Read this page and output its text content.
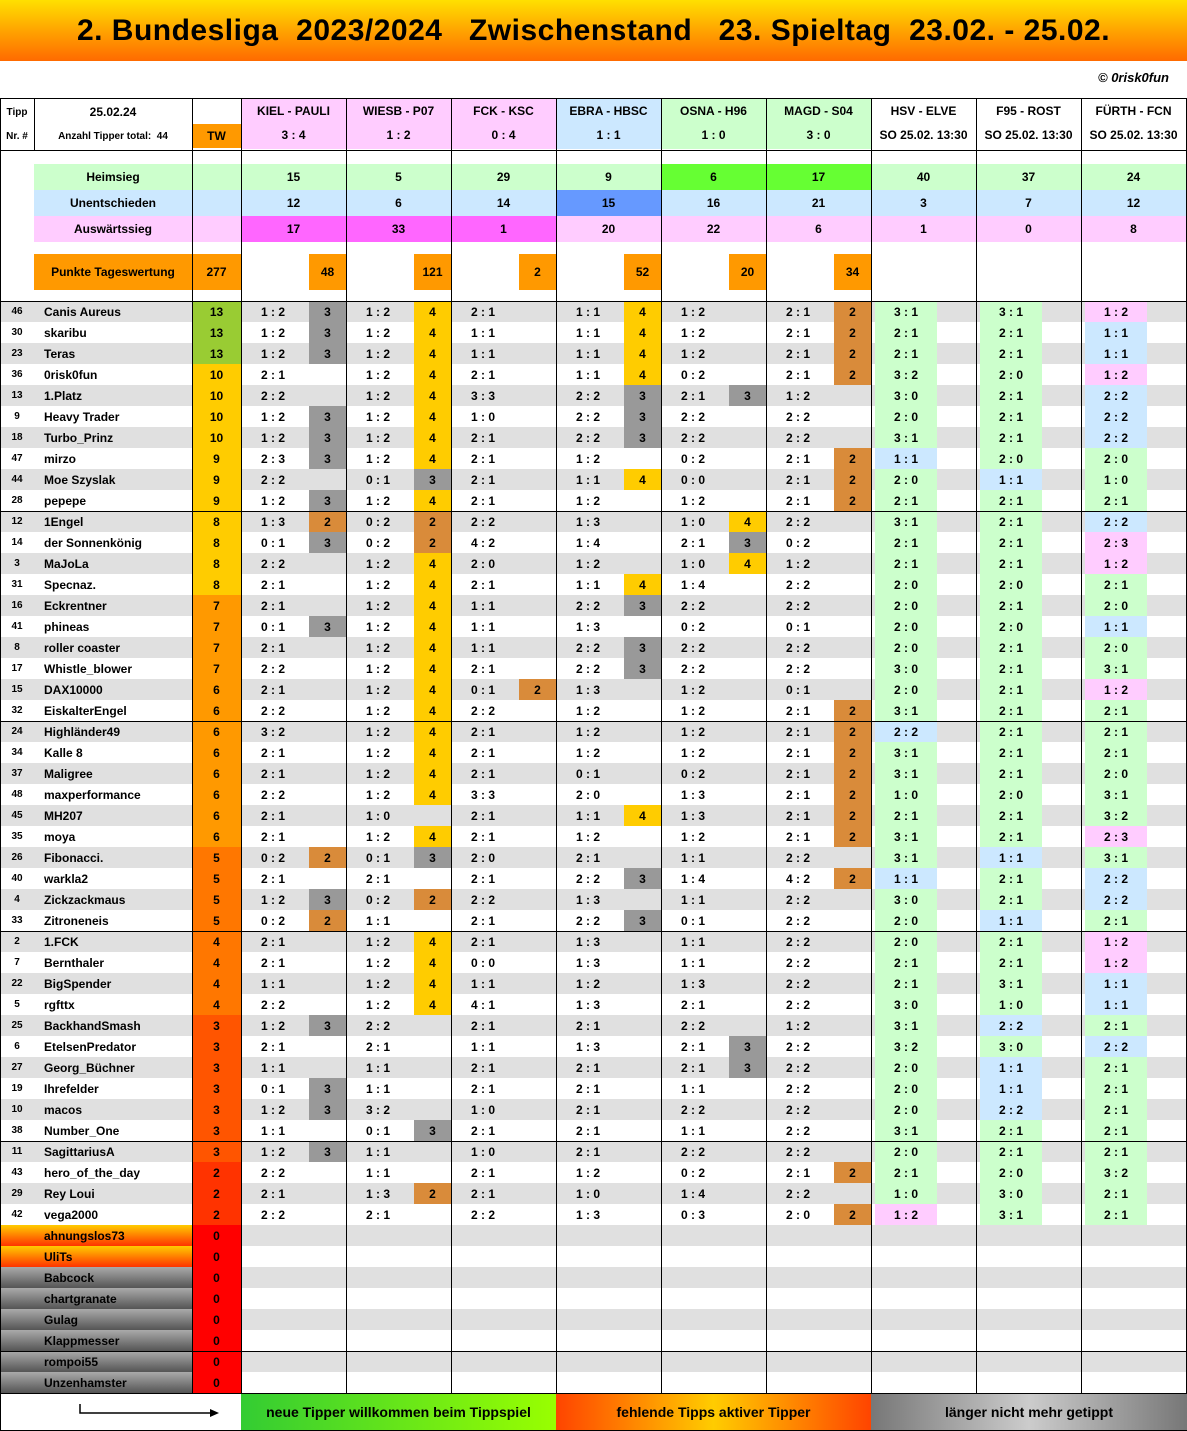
2. Bundesliga  2023/2024   Zwischenstand   23. Spieltag  23.02. - 25.02.
© 0risk0fun
Tipp
Nr. #
25.02.24
Anzahl Tipper total:  44	TW
KIEL - PAULI
3 : 4
WIESB - P07
1 : 2
FCK - KSC
0 : 4
EBRA - HBSC
1 : 1
OSNA - H96
1 : 0
MAGD - S04
3 : 0
HSV - ELVE
SO 25.02. 13:30
F95 - ROST
SO 25.02. 13:30
FÜRTH - FCN
SO 25.02. 13:30
Heimsieg	15	5	29	9	6	17	40	37	24
Unentschieden	12	6	14	15	16	21	3	7	12
Auswärtssieg	17	33	1	20	22	6	1	0	8
Punkte Tageswertung	277	48	121	2	52	20	34
46	Canis Aureus	13	1 : 2	3	1 : 2	4	2 : 1	1 : 1	4	1 : 2	2 : 1	2	3 : 1	3 : 1	1 : 2
30	skaribu	13	1 : 2	3	1 : 2	4	1 : 1	1 : 1	4	1 : 2	2 : 1	2	2 : 1	2 : 1	1 : 1
23	Teras	13	1 : 2	3	1 : 2	4	1 : 1	1 : 1	4	1 : 2	2 : 1	2	2 : 1	2 : 1	1 : 1
36	0risk0fun	10	2 : 1	1 : 2	4	2 : 1	1 : 1	4	0 : 2	2 : 1	2	3 : 2	2 : 0	1 : 2
13	1.Platz	10	2 : 2	1 : 2	4	3 : 3	2 : 2	3	2 : 1	3	1 : 2	3 : 0	2 : 1	2 : 2
9	Heavy Trader	10	1 : 2	3	1 : 2	4	1 : 0	2 : 2	3	2 : 2	2 : 2	2 : 0	2 : 1	2 : 2
18	Turbo_Prinz	10	1 : 2	3	1 : 2	4	2 : 1	2 : 2	3	2 : 2	2 : 2	3 : 1	2 : 1	2 : 2
47	mirzo	9	2 : 3	3	1 : 2	4	2 : 1	1 : 2	0 : 2	2 : 1	2	1 : 1	2 : 0	2 : 0
44	Moe Szyslak	9	2 : 2	0 : 1	3	2 : 1	1 : 1	4	0 : 0	2 : 1	2	2 : 0	1 : 1	1 : 0
28	pepepe	9	1 : 2	3	1 : 2	4	2 : 1	1 : 2	1 : 2	2 : 1	2	2 : 1	2 : 1	2 : 1
12	1Engel	8	1 : 3	2	0 : 2	2	2 : 2	1 : 3	1 : 0	4	2 : 2	3 : 1	2 : 1	2 : 2
14	der Sonnenkönig	8	0 : 1	3	0 : 2	2	4 : 2	1 : 4	2 : 1	3	0 : 2	2 : 1	2 : 1	2 : 3
3	MaJoLa	8	2 : 2	1 : 2	4	2 : 0	1 : 2	1 : 0	4	1 : 2	2 : 1	2 : 1	1 : 2
31	Specnaz.	8	2 : 1	1 : 2	4	2 : 1	1 : 1	4	1 : 4	2 : 2	2 : 0	2 : 0	2 : 1
16	Eckrentner	7	2 : 1	1 : 2	4	1 : 1	2 : 2	3	2 : 2	2 : 2	2 : 0	2 : 1	2 : 0
41	phineas	7	0 : 1	3	1 : 2	4	1 : 1	1 : 3	0 : 2	0 : 1	2 : 0	2 : 0	1 : 1
8	roller coaster	7	2 : 1	1 : 2	4	1 : 1	2 : 2	3	2 : 2	2 : 2	2 : 0	2 : 1	2 : 0
17	Whistle_blower	7	2 : 2	1 : 2	4	2 : 1	2 : 2	3	2 : 2	2 : 2	3 : 0	2 : 1	3 : 1
15	DAX10000	6	2 : 1	1 : 2	4	0 : 1	2	1 : 3	1 : 2	0 : 1	2 : 0	2 : 1	1 : 2
32	EiskalterEngel	6	2 : 2	1 : 2	4	2 : 2	1 : 2	1 : 2	2 : 1	2	3 : 1	2 : 1	2 : 1
24	Highländer49	6	3 : 2	1 : 2	4	2 : 1	1 : 2	1 : 2	2 : 1	2	2 : 2	2 : 1	2 : 1
34	Kalle 8	6	2 : 1	1 : 2	4	2 : 1	1 : 2	1 : 2	2 : 1	2	3 : 1	2 : 1	2 : 1
37	Maligree	6	2 : 1	1 : 2	4	2 : 1	0 : 1	0 : 2	2 : 1	2	3 : 1	2 : 1	2 : 0
48	maxperformance	6	2 : 2	1 : 2	4	3 : 3	2 : 0	1 : 3	2 : 1	2	1 : 0	2 : 0	3 : 1
45	MH207	6	2 : 1	1 : 0	2 : 1	1 : 1	4	1 : 3	2 : 1	2	2 : 1	2 : 1	3 : 2
35	moya	6	2 : 1	1 : 2	4	2 : 1	1 : 2	1 : 2	2 : 1	2	3 : 1	2 : 1	2 : 3
26	Fibonacci.	5	0 : 2	2	0 : 1	3	2 : 0	2 : 1	1 : 1	2 : 2	3 : 1	1 : 1	3 : 1
40	warkla2	5	2 : 1	2 : 1	2 : 1	2 : 2	3	1 : 4	4 : 2	2	1 : 1	2 : 1	2 : 2
4	Zickzackmaus	5	1 : 2	3	0 : 2	2	2 : 2	1 : 3	1 : 1	2 : 2	3 : 0	2 : 1	2 : 2
33	Zitroneneis	5	0 : 2	2	1 : 1	2 : 1	2 : 2	3	0 : 1	2 : 2	2 : 0	1 : 1	2 : 1
2	1.FCK	4	2 : 1	1 : 2	4	2 : 1	1 : 3	1 : 1	2 : 2	2 : 0	2 : 1	1 : 2
7	Bernthaler	4	2 : 1	1 : 2	4	0 : 0	1 : 3	1 : 1	2 : 2	2 : 1	2 : 1	1 : 2
22	BigSpender	4	1 : 1	1 : 2	4	1 : 1	1 : 2	1 : 3	2 : 2	2 : 1	3 : 1	1 : 1
5	rgfttx	4	2 : 2	1 : 2	4	4 : 1	1 : 3	2 : 1	2 : 2	3 : 0	1 : 0	1 : 1
25	BackhandSmash	3	1 : 2	3	2 : 2	2 : 1	2 : 1	2 : 2	1 : 2	3 : 1	2 : 2	2 : 1
6	EtelsenPredator	3	2 : 1	2 : 1	1 : 1	1 : 3	2 : 1	3	2 : 2	3 : 2	3 : 0	2 : 2
27	Georg_Büchner	3	1 : 1	1 : 1	2 : 1	2 : 1	2 : 1	3	2 : 2	2 : 0	1 : 1	2 : 1
19	Ihrefelder	3	0 : 1	3	1 : 1	2 : 1	2 : 1	1 : 1	2 : 2	2 : 0	1 : 1	2 : 1
10	macos	3	1 : 2	3	3 : 2	1 : 0	2 : 1	2 : 2	2 : 2	2 : 0	2 : 2	2 : 1
38	Number_One	3	1 : 1	0 : 1	3	2 : 1	2 : 1	1 : 1	2 : 2	3 : 1	2 : 1	2 : 1
11	SagittariusA	3	1 : 2	3	1 : 1	1 : 0	2 : 1	2 : 2	2 : 2	2 : 0	2 : 1	2 : 1
43	hero_of_the_day	2	2 : 2	1 : 1	2 : 1	1 : 2	0 : 2	2 : 1	2	2 : 1	2 : 0	3 : 2
29	Rey Loui	2	2 : 1	1 : 3	2	2 : 1	1 : 0	1 : 4	2 : 2	1 : 0	3 : 0	2 : 1
42	vega2000	2	2 : 2	2 : 1	2 : 2	1 : 3	0 : 3	2 : 0	2	1 : 2	3 : 1	2 : 1
ahnungslos73	0
UliTs	0
Babcock	0
chartgranate	0
Gulag	0
Klappmesser	0
rompoi55	0
Unzenhamster	0
neue Tipper willkommen beim Tippspiel	fehlende Tipps aktiver Tipper	länger nicht mehr getippt
